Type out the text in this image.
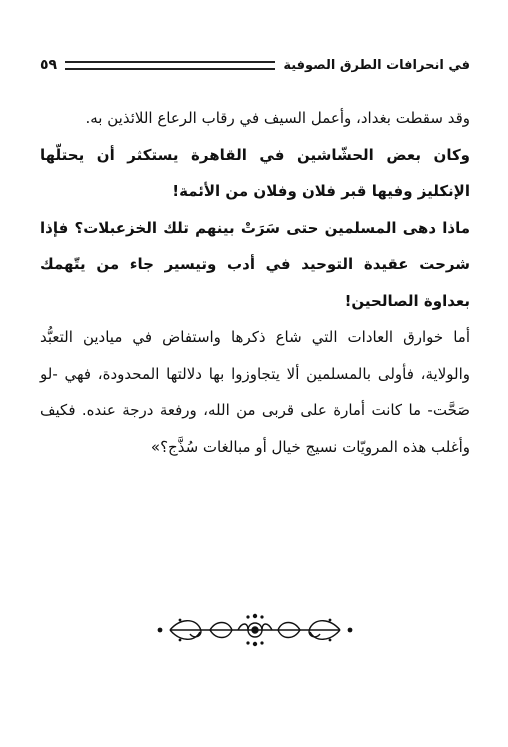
في انحرافات الطرق الصوفية
٥٩

وقد سقطت بغداد، وأعمل السيف في رقاب الرعاع اللائذين به.

وكان بعض الحشّاشين في القاهرة يستكثر أن يحتلّها الإنكليز وفيها قبر فلان وفلان من الأئمة!

ماذا دهى المسلمين حتى سَرَتْ بينهم تلك الخزعبلات؟ فإذا شرحت عقيدة التوحيد في أدب وتيسير جاء من يتّهمك بعداوة الصالحين!

أما خوارق العادات التي شاع ذكرها واستفاض في ميادين التعبُّد والولاية، فأولى بالمسلمين ألا يتجاوزوا بها دلالتها المحدودة، فهي -لو صَحَّت- ما كانت أمارة على قربى من الله، ورفعة درجة عنده. فكيف وأغلب هذه المرويّات نسيج خيال أو مبالغات سُذَّج؟»
